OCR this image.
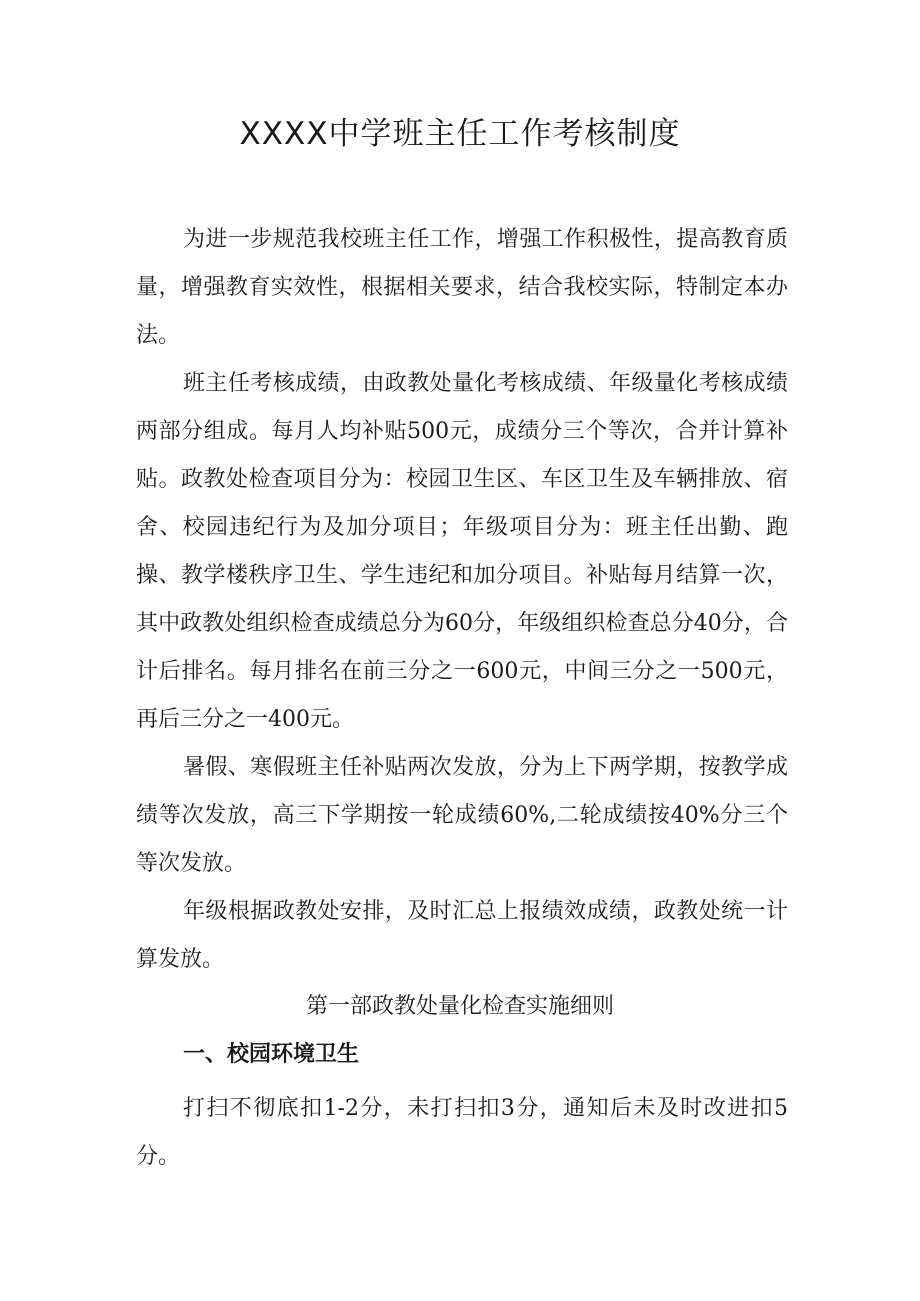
XXXX中学班主任工作考核制度

为进一步规范我校班主任工作，增强工作积极性，提高教育质量，增强教育实效性，根据相关要求，结合我校实际，特制定本办法。

班主任考核成绩，由政教处量化考核成绩、年级量化考核成绩两部分组成。每月人均补贴500元，成绩分三个等次，合并计算补贴。政教处检查项目分为：校园卫生区、车区卫生及车辆排放、宿舍、校园违纪行为及加分项目；年级项目分为：班主任出勤、跑操、教学楼秩序卫生、学生违纪和加分项目。补贴每月结算一次，其中政教处组织检查成绩总分为60分，年级组织检查总分40分，合计后排名。每月排名在前三分之一600元，中间三分之一500元，再后三分之一400元。

暑假、寒假班主任补贴两次发放，分为上下两学期，按教学成绩等次发放，高三下学期按一轮成绩60%,二轮成绩按40%分三个等次发放。

年级根据政教处安排，及时汇总上报绩效成绩，政教处统一计算发放。

第一部政教处量化检查实施细则
一、校园环境卫生

打扫不彻底扣1-2分，未打扫扣3分，通知后未及时改进扣5分。
